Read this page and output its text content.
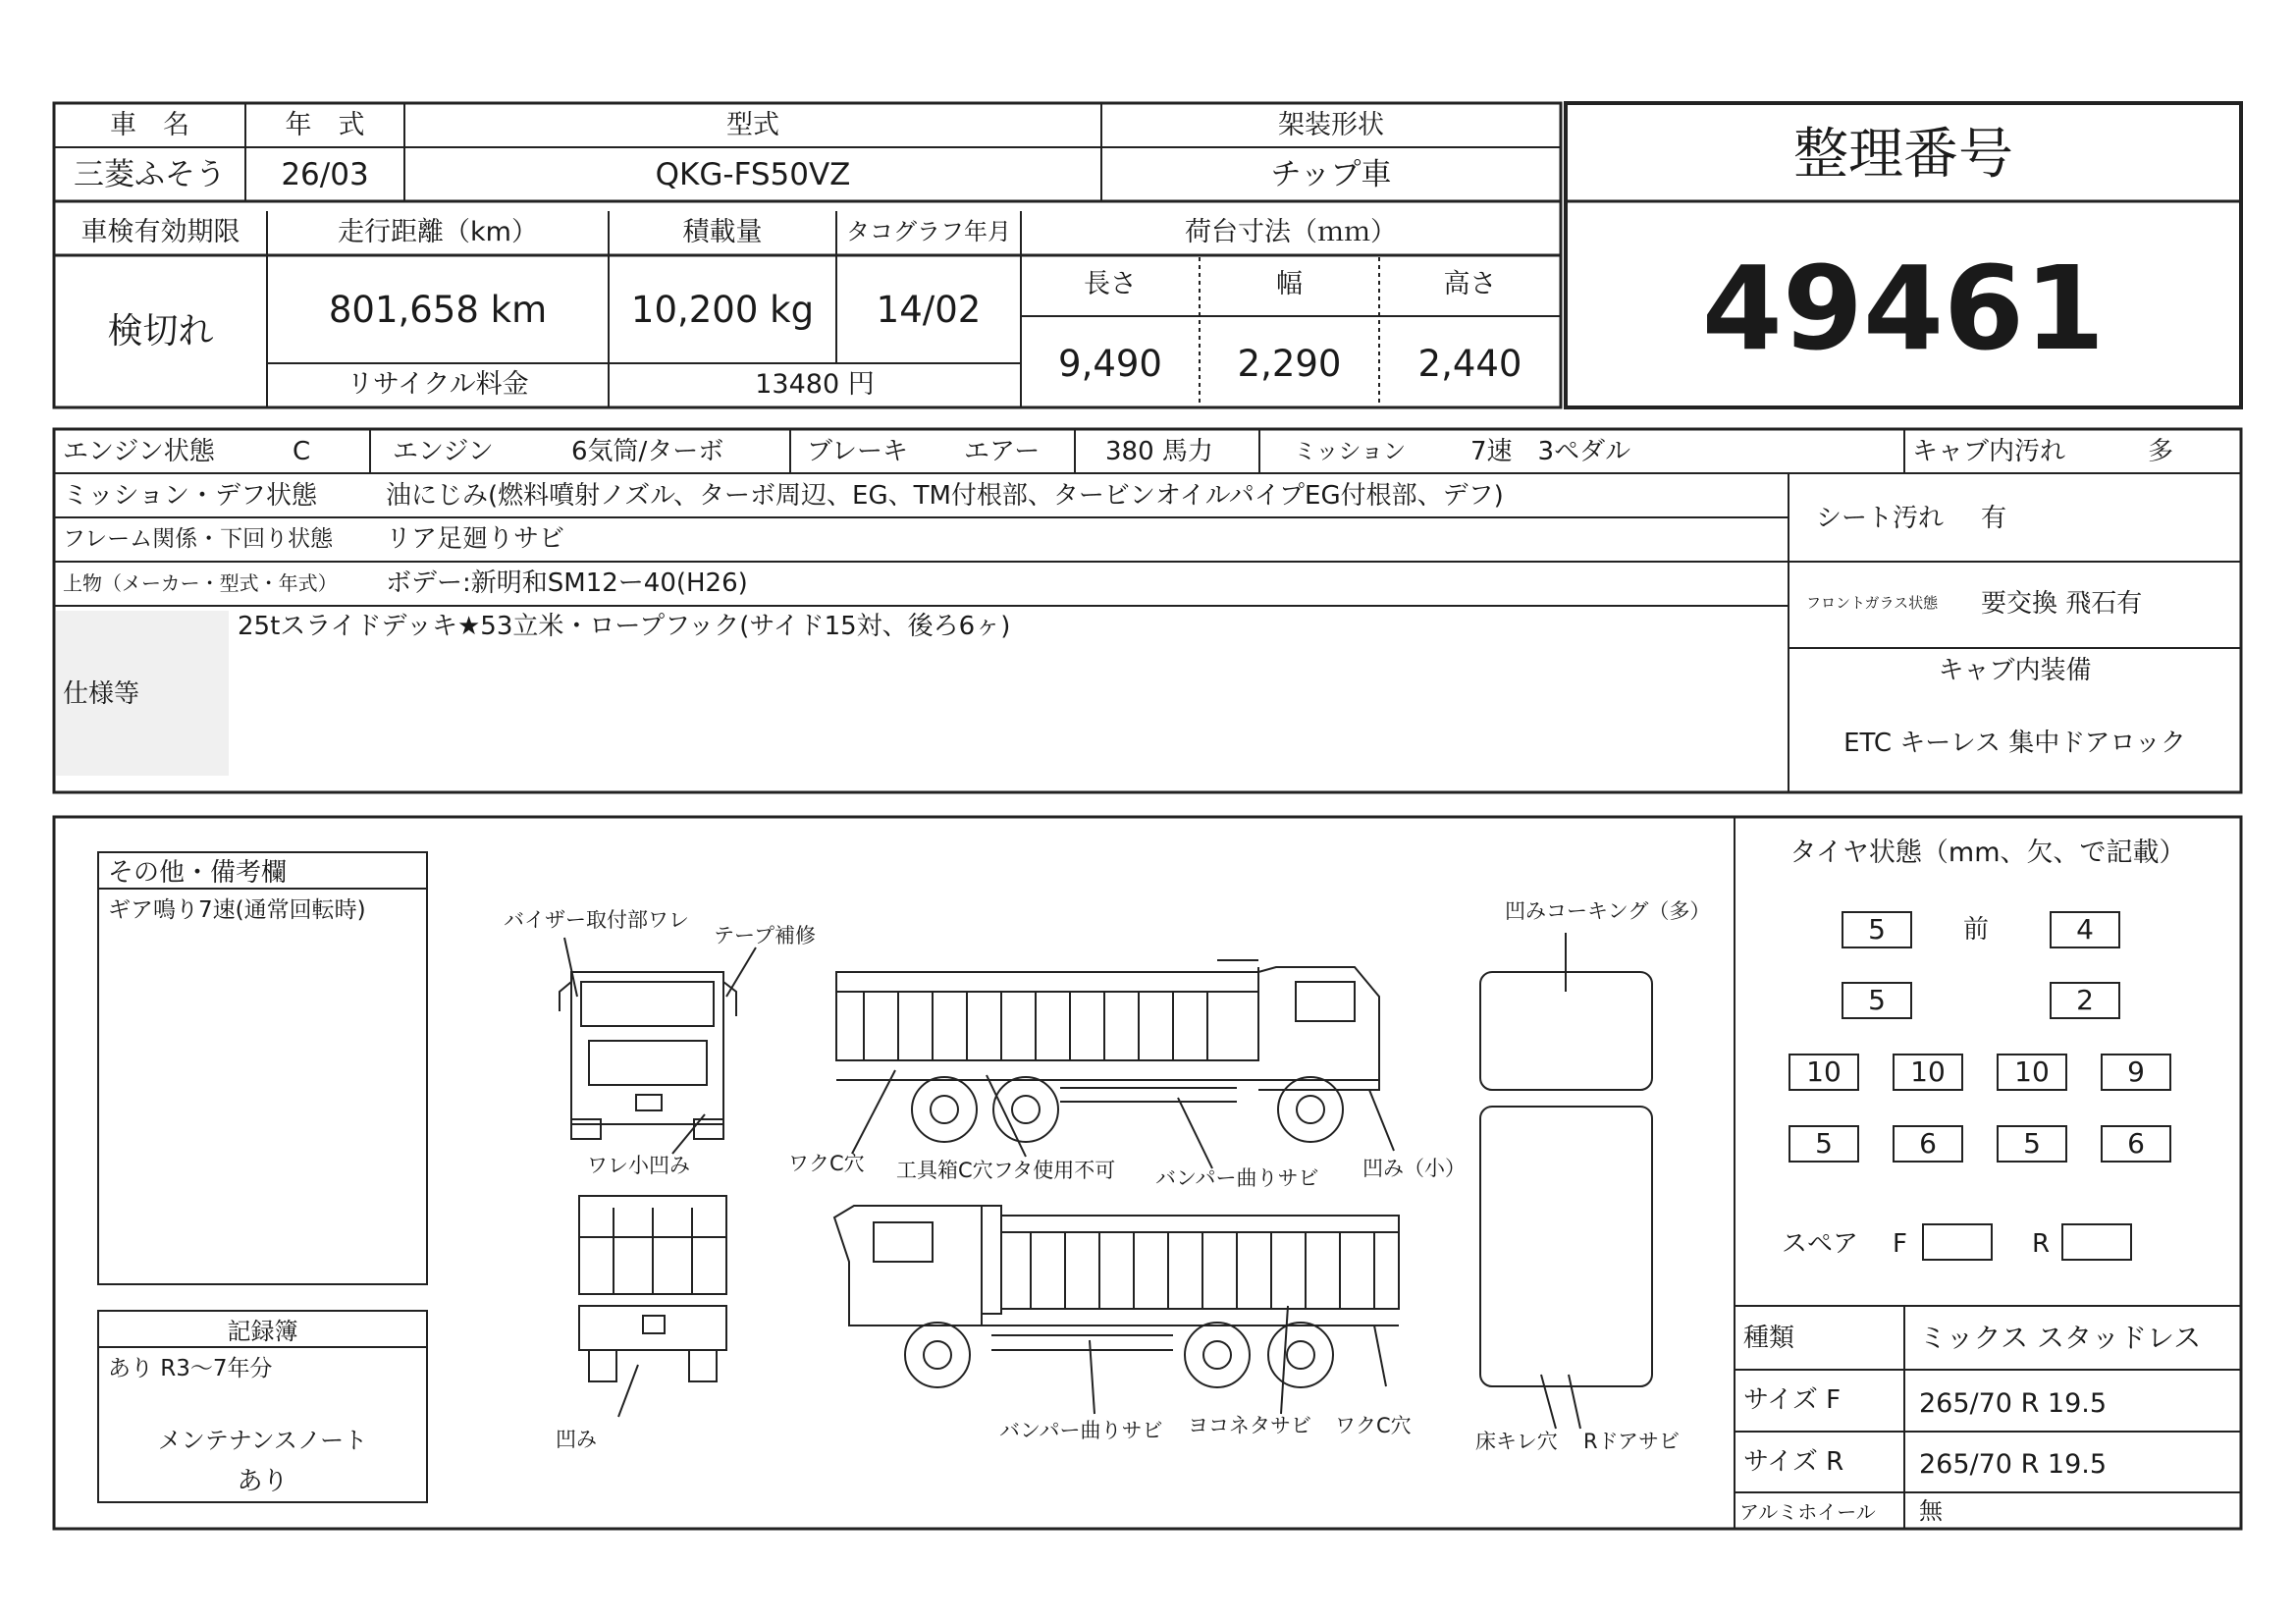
車　名	年　式	型式	架装形状
三菱ふそう	26/03	QKG-FS50VZ	チップ車	整理番号
49461
車検有効期限
検切れ
走行距離（km）
801,658 km
積載量
10,200 kg
タコグラフ年月
14/02
リサイクル料金	13480 円
荷台寸法（ｍｍ）
長さ	幅	高さ
9,490	2,290	2,440
エンジン状態	C	エンジン	6気筒/ターボ	ブレーキ エアー	380 馬力	ミッション	7速　3ペダル	キャブ内汚れ	多
ミッション・デフ状態	油にじみ(燃料噴射ノズル、ターボ周辺、EG、TM付根部、タービンオイルパイプEG付根部、デフ)
フレーム関係・下回り状態 リア足廻りサビ
上物（メーカー・型式・年式） ボデー:新明和SM12ー40(H26)
仕様等
25tスライドデッキ★53立米・ロープフック(サイド15対、後ろ6ヶ)
シート汚れ 有
フロントガラス状態 要交換 飛石有
キャブ内装備
ETC キーレス 集中ドアロック
その他・備考欄
ギア鳴り7速(通常回転時)
記録簿
あり R3〜7年分
メンテナンスノート
あり
バイザー取付部ワレ
テープ補修
ワレ小凹み	ワクC穴 工具箱C穴フタ使用不可 バンパー曲りサビ 凹み（小）
凹みコーキング（多）
凹み	バンパー曲りサビ ヨコネタサビ ワクC穴
床キレ穴 Rドアサビ
タイヤ状態（mm、欠、で記載）
5	前	4
5	2
10	10	10	9
5	6	5	6
スペア F	R
種類	ミックス スタッドレス
サイズ F	265/70 R 19.5
サイズ R	265/70 R 19.5
アルミホイール 無
